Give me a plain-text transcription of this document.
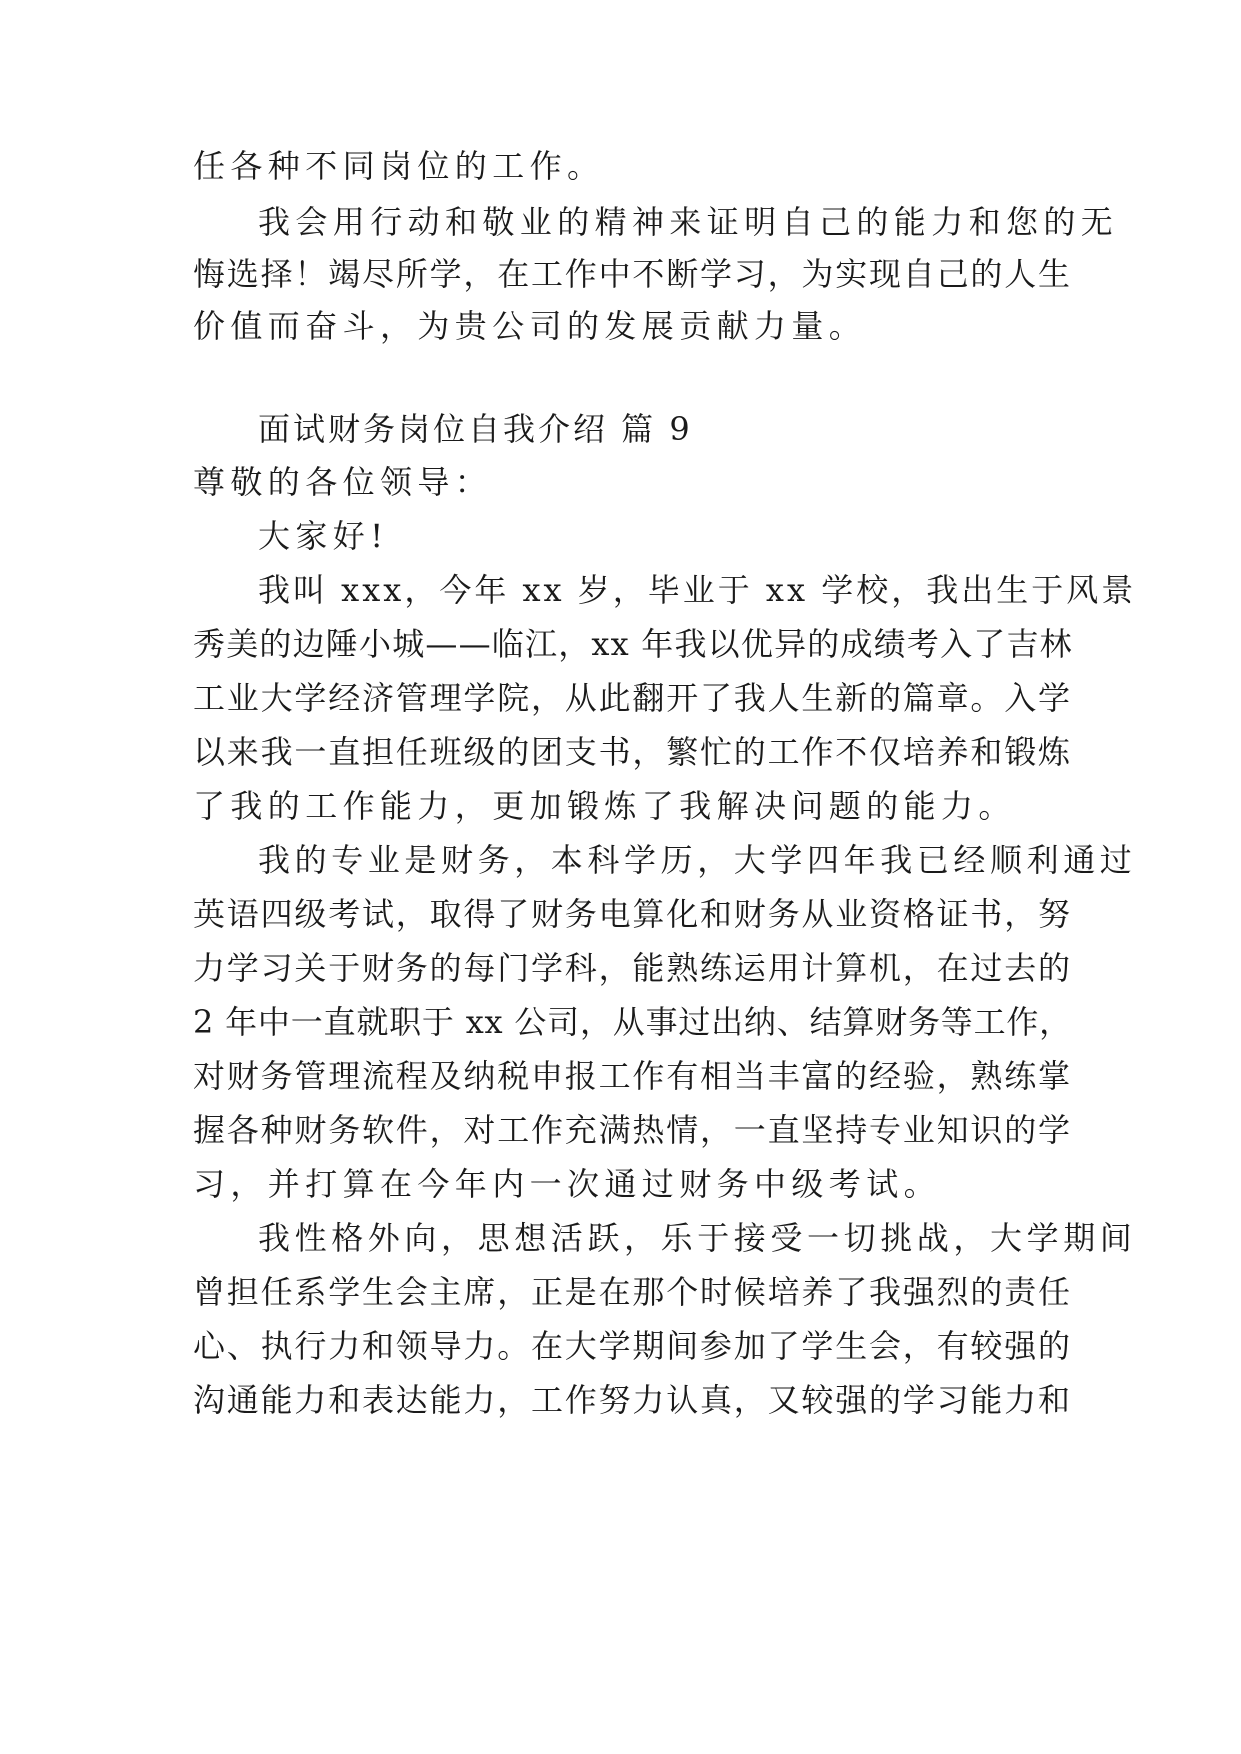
任各种不同岗位的工作。
我会用行动和敬业的精神来证明自己的能力和您的无
悔选择！竭尽所学，在工作中不断学习，为实现自己的人生
价值而奋斗，为贵公司的发展贡献力量。
面试财务岗位自我介绍 篇 9
尊敬的各位领导：
大家好!
我叫 xxx，今年 xx 岁，毕业于 xx 学校，我出生于风景
秀美的边陲小城——临江，xx 年我以优异的成绩考入了吉林
工业大学经济管理学院，从此翻开了我人生新的篇章。入学
以来我一直担任班级的团支书，繁忙的工作不仅培养和锻炼
了我的工作能力，更加锻炼了我解决问题的能力。
我的专业是财务，本科学历，大学四年我已经顺利通过
英语四级考试，取得了财务电算化和财务从业资格证书，努
力学习关于财务的每门学科，能熟练运用计算机，在过去的
2 年中一直就职于 xx 公司，从事过出纳、结算财务等工作，
对财务管理流程及纳税申报工作有相当丰富的经验，熟练掌
握各种财务软件，对工作充满热情，一直坚持专业知识的学
习，并打算在今年内一次通过财务中级考试。
我性格外向，思想活跃，乐于接受一切挑战，大学期间
曾担任系学生会主席，正是在那个时候培养了我强烈的责任
心、执行力和领导力。在大学期间参加了学生会，有较强的
沟通能力和表达能力，工作努力认真，又较强的学习能力和
